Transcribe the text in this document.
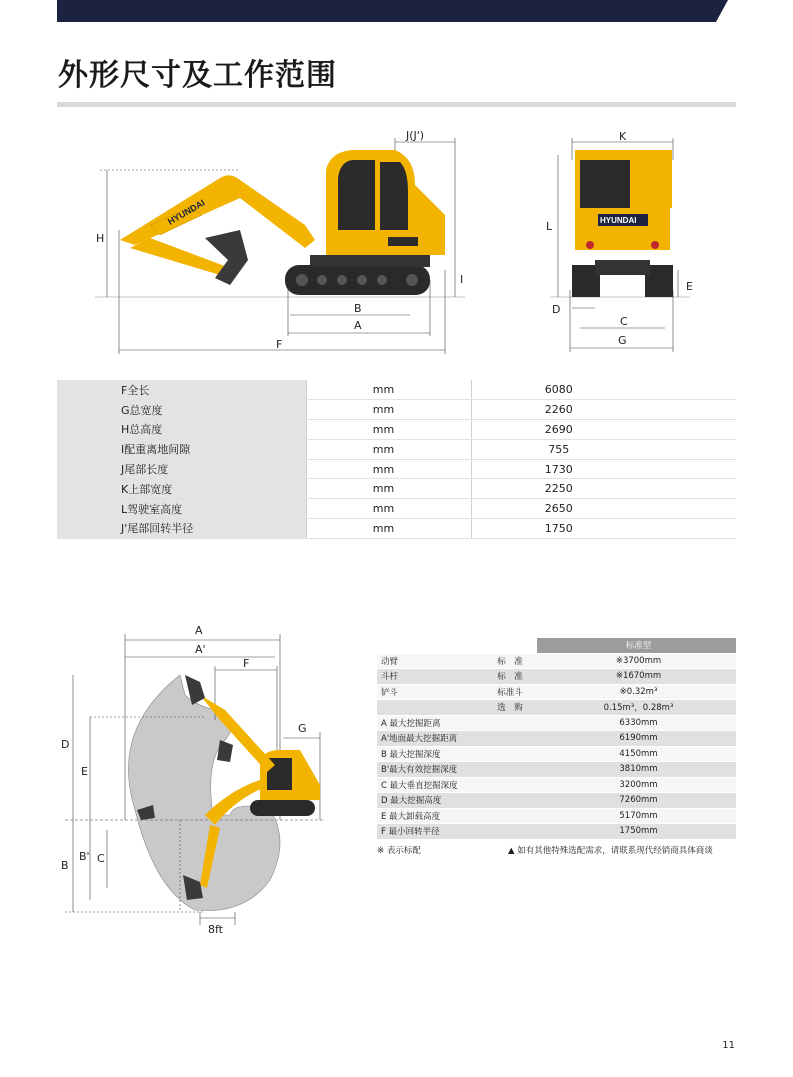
外形尺寸及工作范围
HYUNDAI
H
J(J')
I
B
A
F
HYUNDAI
K
L
E
D
C
G
F全长	mm	6080
G总宽度	mm	2260
H总高度	mm	2690
I配重离地间隙	mm	755
J尾部长度	mm	1730
K上部宽度	mm	2250
L驾驶室高度	mm	2650
J'尾部回转半径	mm	1750
A
A'
F
G
D
E
B
B' C
8ft
		标准型
动臂	标　准	※3700mm
斗杆	标　准	※1670mm
铲斗	标准斗	※0.32m³
	选　购	0.15m³，0.28m³
A 最大挖掘距离		6330mm
A'地面最大挖掘距离		6190mm
B 最大挖掘深度		4150mm
B'最大有效挖掘深度		3810mm
C 最大垂直挖掘深度		3200mm
D 最大挖掘高度		7260mm
E 最大卸载高度		5170mm
F 最小回转半径		1750mm
※ 表示标配	▲ 如有其他特殊选配需求，请联系现代经销商具体商谈
11
